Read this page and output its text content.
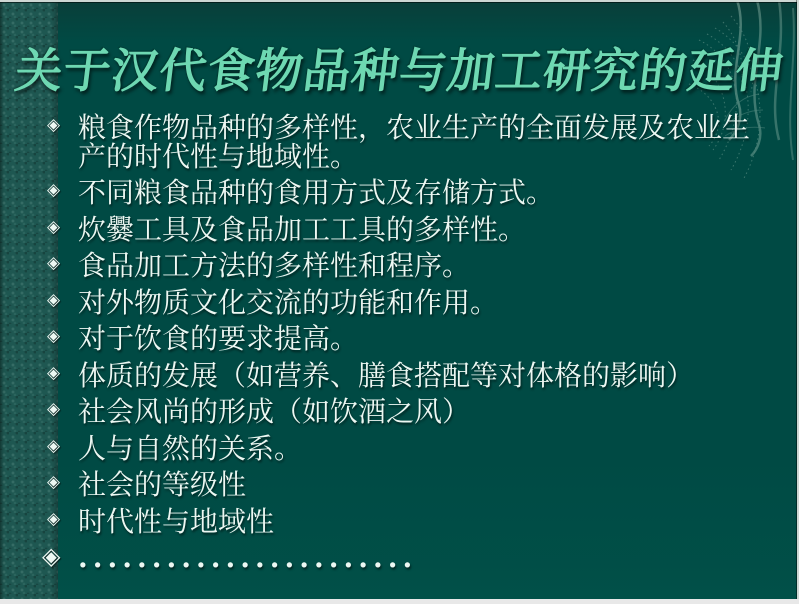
关于汉代食物品种与加工研究的延伸
◈ 粮食作物品种的多样性，农业生产的全面发展及农业生产的时代性与地域性。
◈ 不同粮食品种的食用方式及存储方式。
◈ 炊爨工具及食品加工工具的多样性。
◈ 食品加工方法的多样性和程序。
◈ 对外物质文化交流的功能和作用。
◈ 对于饮食的要求提高。
◈ 体质的发展（如营养、膳食搭配等对体格的影响）
◈ 社会风尚的形成（如饮酒之风）
◈ 人与自然的关系。
◈ 社会的等级性
◈ 时代性与地域性
◈ .......................
